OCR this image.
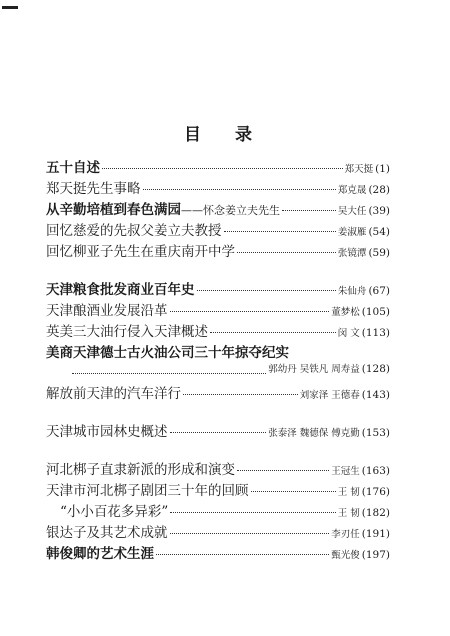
目 录
五十自述	郑天挺 (1)
郑天挺先生事略	郑克晟 (28)
从辛勤培植到春色满园 ——怀念姜立夫先生	吴大任 (39)
回忆慈爱的先叔父姜立夫教授	姜淑雁 (54)
回忆柳亚子先生在重庆南开中学	张镜潭 (59)
天津粮食批发商业百年史	朱仙舟 (67)
天津酿酒业发展沿革	董梦松 (105)
英美三大油行侵入天津概述	闵 文 (113)
美商天津德士古火油公司三十年掠夺纪实
郭幼丹 吴铁凡 周寿益 (128)
解放前天津的汽车洋行	刘家泽 王德春 (143)
天津城市园林史概述	张泰泽 魏德保 傅克勤 (153)
河北梆子直隶新派的形成和演变	王冠生 (163)
天津市河北梆子剧团三十年的回顾	王 韧 (176)
“小小百花多异彩”	王 韧 (182)
银达子及其艺术成就	李刃任 (191)
韩俊卿的艺术生涯	甄光俊 (197)
